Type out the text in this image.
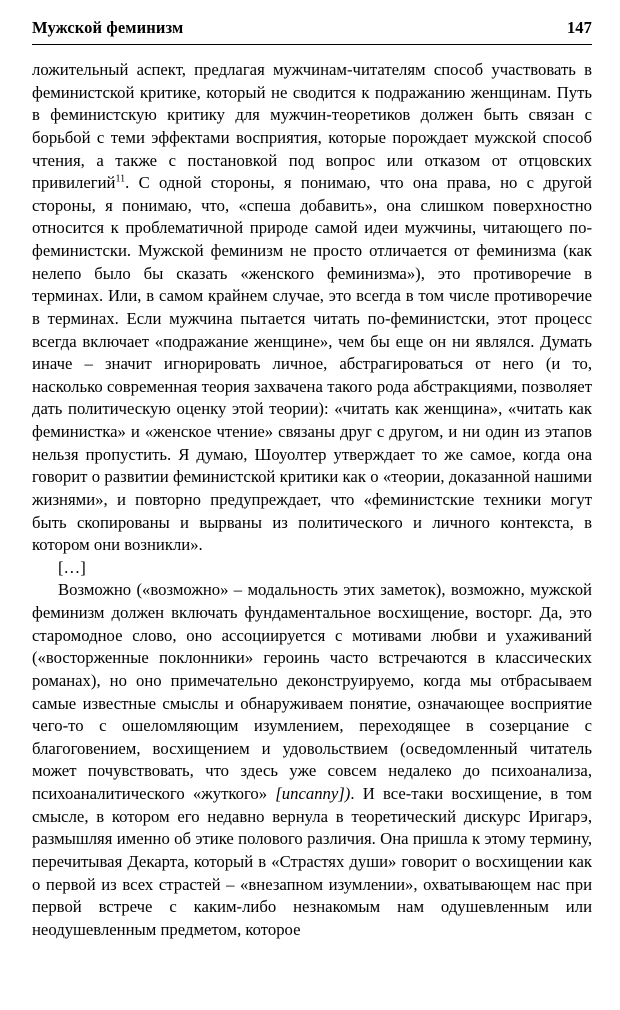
Мужской феминизм	147

ложительный аспект, предлагая мужчинам-читателям способ участвовать в феминистской критике, который не сводится к подражанию женщинам. Путь в феминистскую критику для мужчин-теоретиков должен быть связан с борьбой с теми эффектами восприятия, которые порождает мужской способ чтения, а также с постановкой под вопрос или отказом от отцовских привилегий$^{11}$. С одной стороны, я понимаю, что она права, но с другой стороны, я понимаю, что, «спеша добавить», она слишком поверхностно относится к проблематичной природе самой идеи мужчины, читающего по-феминистски. Мужской феминизм не просто отличается от феминизма (как нелепо было бы сказать «женского феминизма»), это противоречие в терминах. Или, в самом крайнем случае, это всегда в том числе противоречие в терминах. Если мужчина пытается читать по-феминистски, этот процесс всегда включает «подражание женщине», чем бы еще он ни являлся. Думать иначе – значит игнорировать личное, абстрагироваться от него (и то, насколько современная теория захвачена такого рода абстракциями, позволяет дать политическую оценку этой теории): «читать как женщина», «читать как феминистка» и «женское чтение» связаны друг с другом, и ни один из этапов нельзя пропустить. Я думаю, Шоуолтер утверждает то же самое, когда она говорит о развитии феминистской критики как о «теории, доказанной нашими жизнями», и повторно предупреждает, что «феминистские техники могут быть скопированы и вырваны из политического и личного контекста, в котором они возникли».

[…]

Возможно («возможно» – модальность этих заметок), возможно, мужской феминизм должен включать фундаментальное восхищение, восторг. Да, это старомодное слово, оно ассоциируется с мотивами любви и ухаживаний («восторженные поклонники» героинь часто встречаются в классических романах), но оно примечательно деконструируемо, когда мы отбрасываем самые известные смыслы и обнаруживаем понятие, означающее восприятие чего-то с ошеломляющим изумлением, переходящее в созерцание с благоговением, восхищением и удовольствием (осведомленный читатель может почувствовать, что здесь уже совсем недалеко до психоанализа, психоаналитического «жуткого» [uncanny]). И все-таки восхищение, в том смысле, в котором его недавно вернула в теоретический дискурс Иригарэ, размышляя именно об этике полового различия. Она пришла к этому термину, перечитывая Декарта, который в «Страстях души» говорит о восхищении как о первой из всех страстей – «внезапном изумлении», охватывающем нас при первой встрече с каким-либо незнакомым нам одушевленным или неодушевленным предметом, которое
